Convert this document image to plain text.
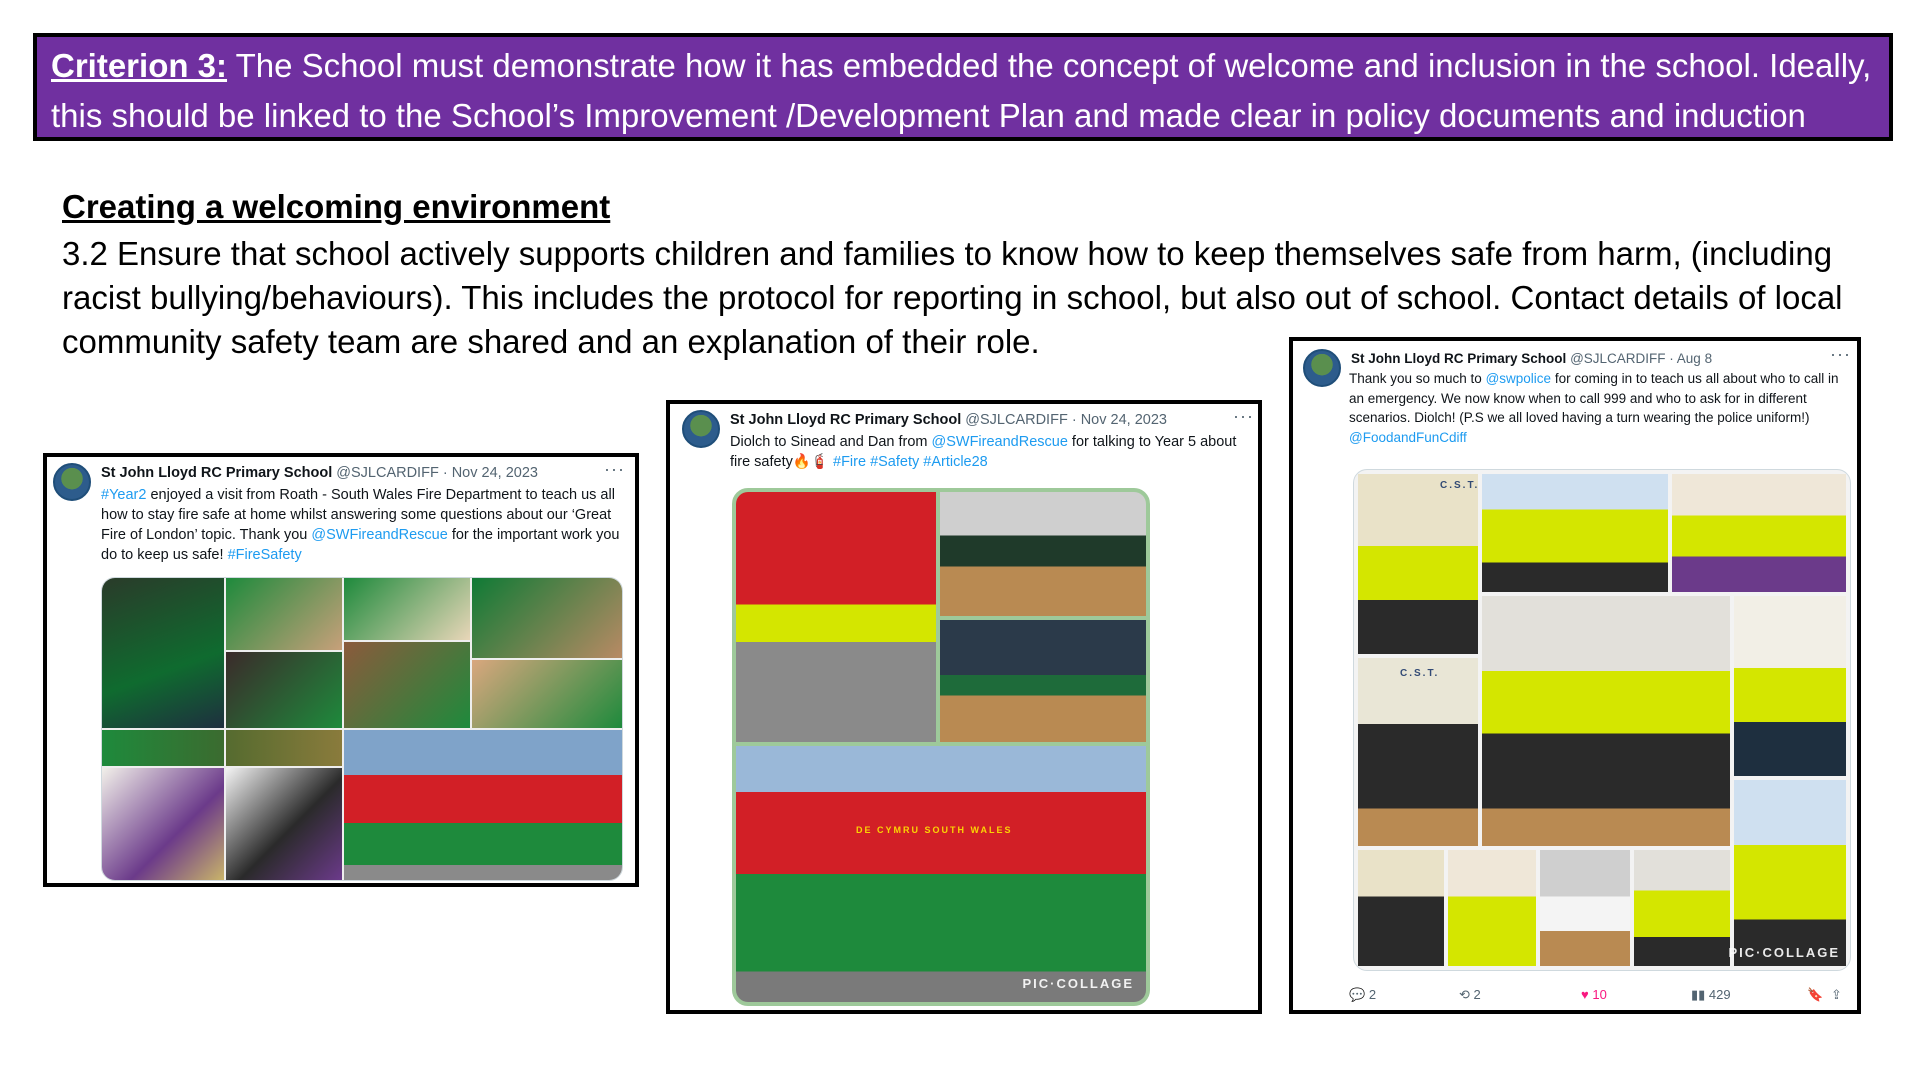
Criterion 3: The School must demonstrate how it has embedded the concept of welcome and inclusion in the school. Ideally, this should be linked to the School’s Improvement /Development Plan and made clear in policy documents and induction processes.
Creating a welcoming environment
3.2 Ensure that school actively supports children and families to know how to keep themselves safe from harm, (including racist bullying/behaviours). This includes the protocol for reporting in school, but also out of school. Contact details of local community safety team are shared and an explanation of their role.
St John Lloyd RC Primary School @SJLCARDIFF · Nov 24, 2023	···
#Year2 enjoyed a visit from Roath - South Wales Fire Department to teach us all how to stay fire safe at home whilst answering some questions about our ‘Great Fire of London’ topic. Thank you @SWFireandRescue for the important work you do to keep us safe! #FireSafety
St John Lloyd RC Primary School @SJLCARDIFF · Nov 24, 2023	···
Diolch to Sinead and Dan from @SWFireandRescue for talking to Year 5 about fire safety🔥🧯 #Fire #Safety #Article28
PIC·COLLAGE
DE CYMRU SOUTH WALES
St John Lloyd RC Primary School @SJLCARDIFF · Aug 8	···
Thank you so much to @swpolice for coming in to teach us all about who to call in an emergency. We now know when to call 999 and who to ask for in different scenarios. Diolch! (P.S we all loved having a turn wearing the police uniform!) @FoodandFunCdiff
C.S.T.
C.S.T.
PIC·COLLAGE
💬 2	⟲ 2	♥ 10	▮▮ 429	🔖 ⇪
